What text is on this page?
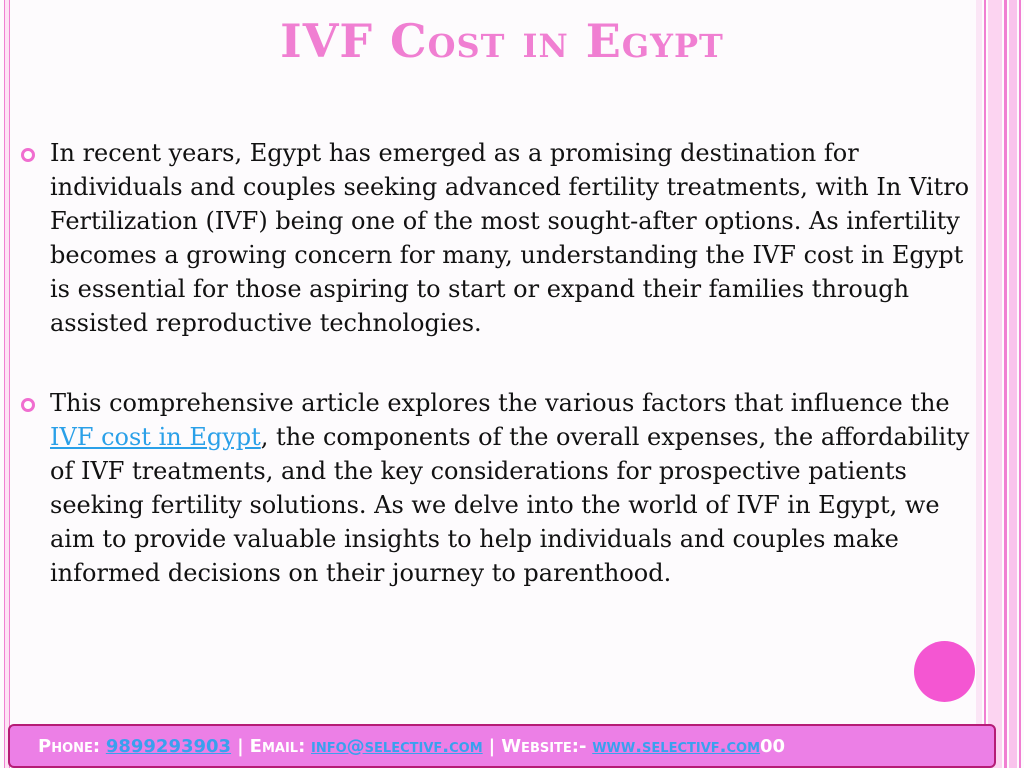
IVF Cost in Egypt
In recent years, Egypt has emerged as a promising destination for individuals and couples seeking advanced fertility treatments, with In Vitro Fertilization (IVF) being one of the most sought-after options. As infertility becomes a growing concern for many, understanding the IVF cost in Egypt is essential for those aspiring to start or expand their families through assisted reproductive technologies.
This comprehensive article explores the various factors that influence the IVF cost in Egypt, the components of the overall expenses, the affordability of IVF treatments, and the key considerations for prospective patients seeking fertility solutions. As we delve into the world of IVF in Egypt, we aim to provide valuable insights to help individuals and couples make informed decisions on their journey to parenthood.
Phone:
9899293903 | Email:
info@selectivf.com | Website:-
www.selectivf.com 00
